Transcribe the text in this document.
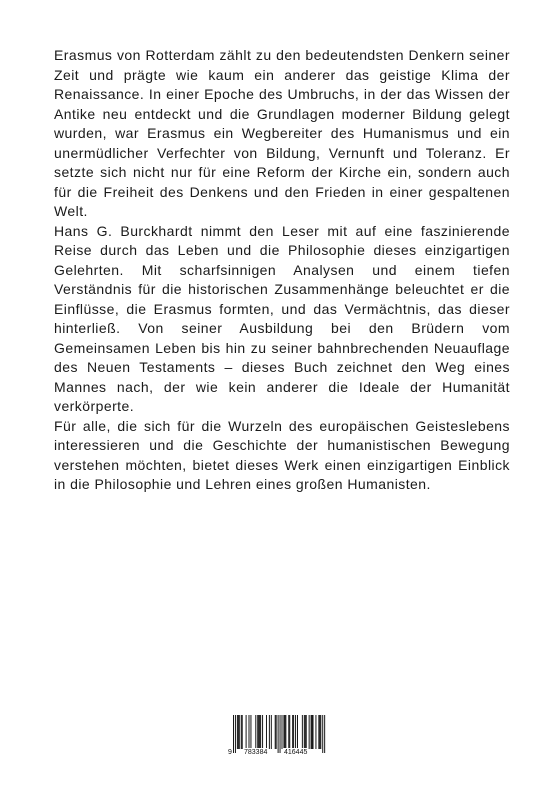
Erasmus von Rotterdam zählt zu den bedeutendsten Denkern seiner Zeit und prägte wie kaum ein anderer das geistige Klima der Renaissance. In einer Epoche des Umbruchs, in der das Wissen der Antike neu entdeckt und die Grundlagen moderner Bildung gelegt wurden, war Erasmus ein Wegbereiter des Humanismus und ein unermüdlicher Verfechter von Bildung, Vernunft und Toleranz. Er setzte sich nicht nur für eine Reform der Kirche ein, sondern auch für die Freiheit des Denkens und den Frieden in einer gespaltenen Welt.

Hans G. Burckhardt nimmt den Leser mit auf eine faszinierende Reise durch das Leben und die Philosophie dieses einzigartigen Gelehrten. Mit scharfsinnigen Analysen und einem tiefen Verständnis für die historischen Zusammenhänge beleuchtet er die Einflüsse, die Erasmus formten, und das Vermächtnis, das dieser hinterließ. Von seiner Ausbildung bei den Brüdern vom Gemeinsamen Leben bis hin zu seiner bahnbrechenden Neuauflage des Neuen Testaments – dieses Buch zeichnet den Weg eines Mannes nach, der wie kein anderer die Ideale der Humanität verkörperte.

Für alle, die sich für die Wurzeln des europäischen Geisteslebens interessieren und die Geschichte der humanistischen Bewegung verstehen möchten, bietet dieses Werk einen einzigartigen Einblick in die Philosophie und Lehren eines großen Humanisten.

9 783384 416445
